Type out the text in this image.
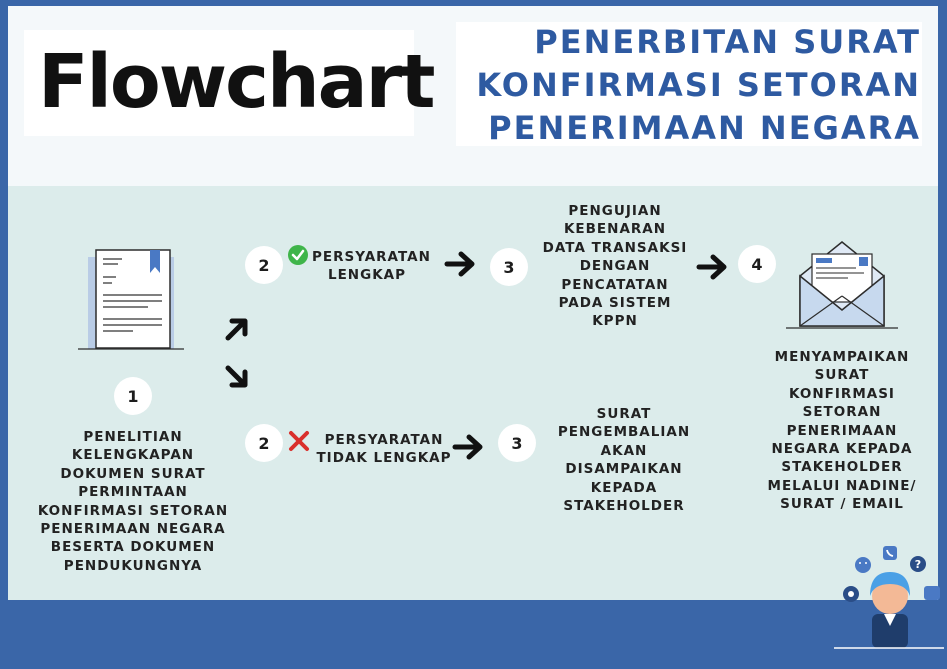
Flowchart	PENERBITAN SURAT
KONFIRMASI SETORAN
PENERIMAAN NEGARA
1
PENELITIAN KELENGKAPAN DOKUMEN SURAT PERMINTAAN KONFIRMASI SETORAN PENERIMAAN NEGARA BESERTA DOKUMEN PENDUKUNGNYA
2	PERSYARATAN LENGKAP	3
PENGUJIAN KEBENARAN DATA TRANSAKSI DENGAN PENCATATAN PADA SISTEM KPPN
4
MENYAMPAIKAN SURAT KONFIRMASI SETORAN PENERIMAAN NEGARA KEPADA STAKEHOLDER MELALUI NADINE/ SURAT / EMAIL
2	PERSYARATAN TIDAK LENGKAP
3
SURAT PENGEMBALIAN AKAN DISAMPAIKAN KEPADA STAKEHOLDER
?
